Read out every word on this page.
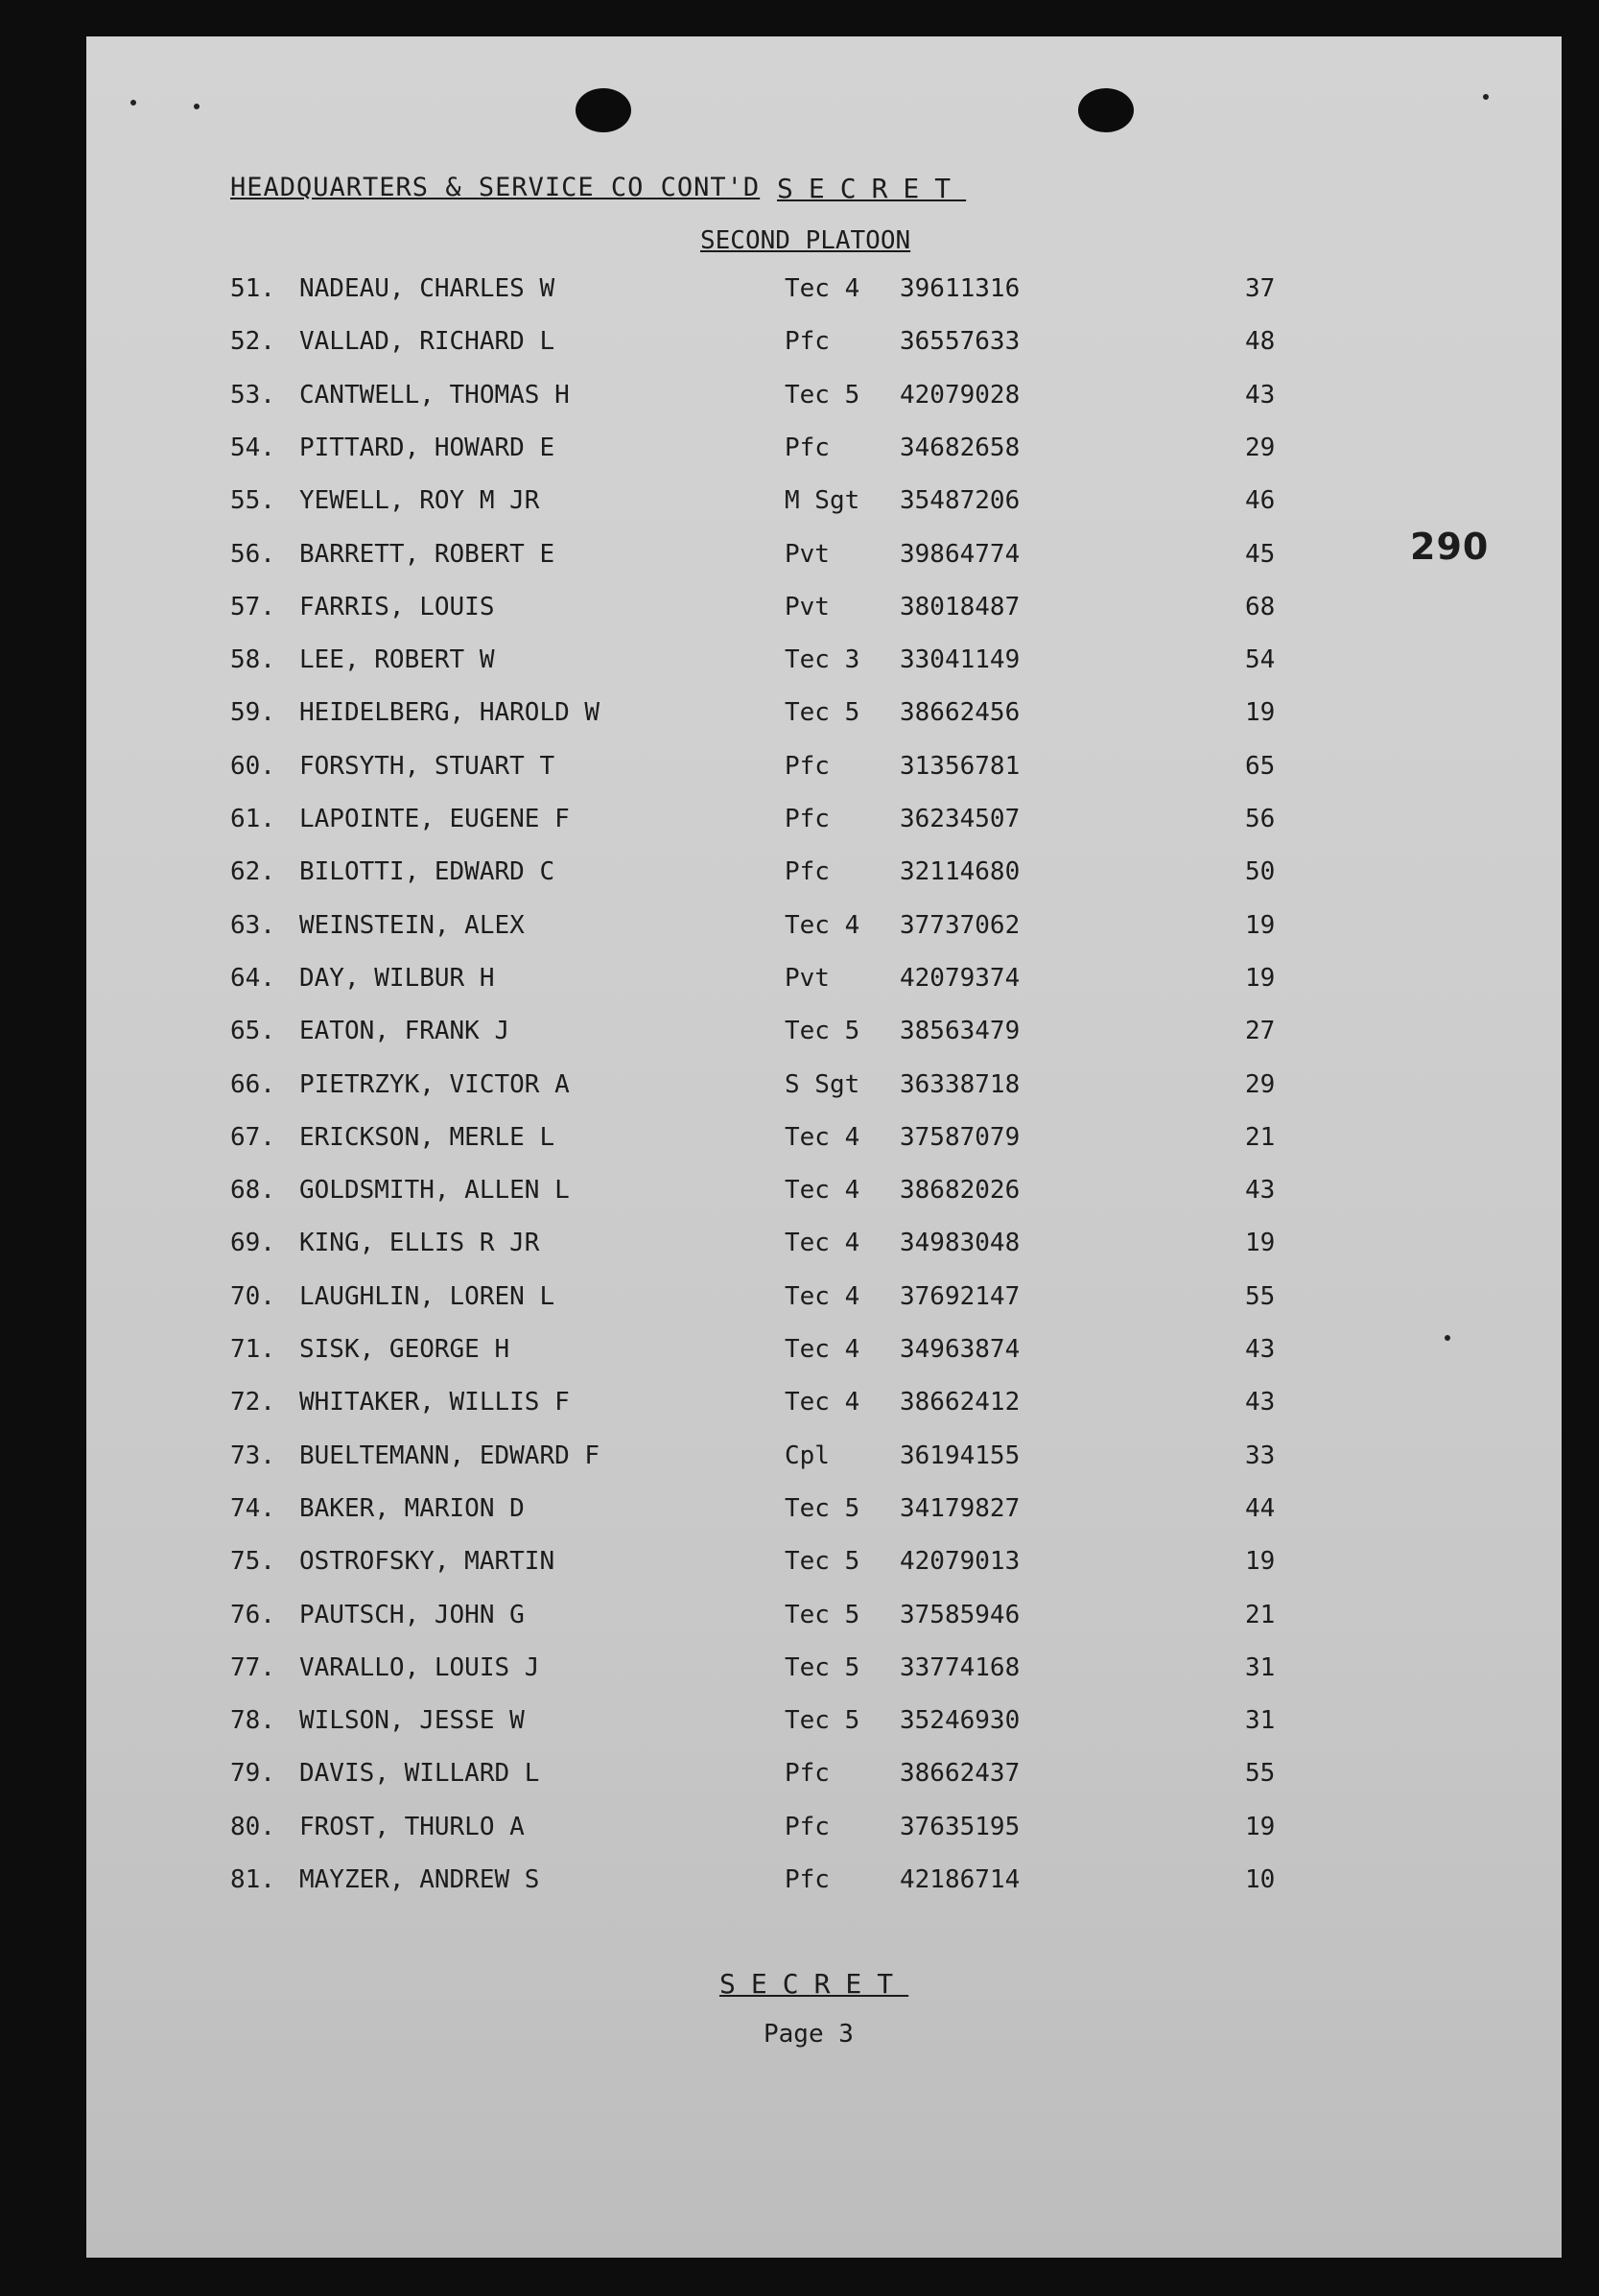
HEADQUARTERS & SERVICE CO CONT'D SECRET
SECOND PLATOON
290
51. NADEAU, CHARLES W	Tec 4 39611316	37
52. VALLAD, RICHARD L	Pfc	36557633	48
53. CANTWELL, THOMAS H	Tec 5 42079028	43
54. PITTARD, HOWARD E	Pfc	34682658	29
55. YEWELL, ROY M JR	M Sgt 35487206	46
56. BARRETT, ROBERT E	Pvt	39864774	45
57. FARRIS, LOUIS	Pvt	38018487	68
58. LEE, ROBERT W	Tec 3 33041149	54
59. HEIDELBERG, HAROLD W	Tec 5 38662456	19
60. FORSYTH, STUART T	Pfc	31356781	65
61. LAPOINTE, EUGENE F	Pfc	36234507	56
62. BILOTTI, EDWARD C	Pfc	32114680	50
63. WEINSTEIN, ALEX	Tec 4 37737062	19
64. DAY, WILBUR H	Pvt	42079374	19
65. EATON, FRANK J	Tec 5 38563479	27
66. PIETRZYK, VICTOR A	S Sgt 36338718	29
67. ERICKSON, MERLE L	Tec 4 37587079	21
68. GOLDSMITH, ALLEN L	Tec 4 38682026	43
69. KING, ELLIS R JR	Tec 4 34983048	19
70. LAUGHLIN, LOREN L	Tec 4 37692147	55
71. SISK, GEORGE H	Tec 4 34963874	43
72. WHITAKER, WILLIS F	Tec 4 38662412	43
73. BUELTEMANN, EDWARD F	Cpl	36194155	33
74. BAKER, MARION D	Tec 5 34179827	44
75. OSTROFSKY, MARTIN	Tec 5 42079013	19
76. PAUTSCH, JOHN G	Tec 5 37585946	21
77. VARALLO, LOUIS J	Tec 5 33774168	31
78. WILSON, JESSE W	Tec 5 35246930	31
79. DAVIS, WILLARD L	Pfc	38662437	55
80. FROST, THURLO A	Pfc	37635195	19
81. MAYZER, ANDREW S	Pfc	42186714	10
SECRET
Page 3
